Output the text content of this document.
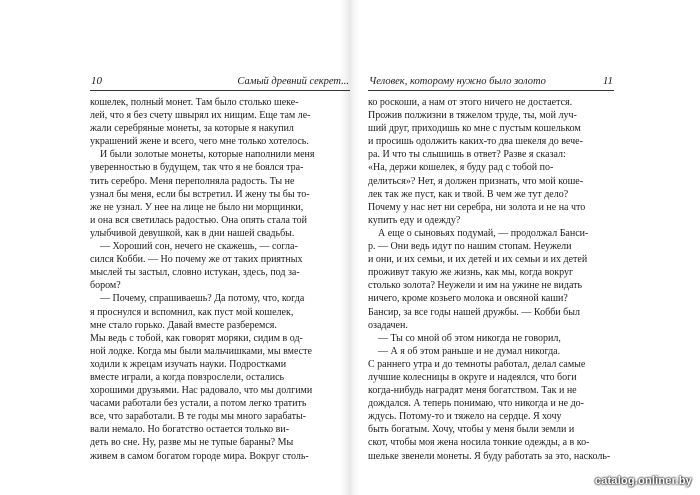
10	Самый древний секрет...
кошелек, полный монет. Там было столько шеке-
лей, что я без счету швырял их нищим. Еще там ле-
жали серебряные монеты, за которые я накупил
украшений жене и всего, чего мне только хотелось.
И были золотые монеты, которые наполнили меня
уверенностью в будущем, так что я не боялся тра-
тить серебро. Меня переполняла радость. Ты не
узнал бы меня, если бы встретил. И жену ты бы то-
же не узнал. У нее на лице не было ни морщинки,
и она вся светилась радостью. Она опять стала той
улыбчивой девушкой, как в дни нашей свадьбы.
— Хороший сон, нечего не скажешь, — согла-
сился Кобби. — Но почему же от таких приятных
мыслей ты застыл, словно истукан, здесь, под за-
бором?
— Почему, спрашиваешь? Да потому, что, когда
я проснулся и вспомнил, как пуст мой кошелек,
мне стало горько. Давай вместе разберемся.
Мы ведь с тобой, как говорят моряки, сидим в од-
ной лодке. Когда мы были мальчишками, мы вместе
ходили к жрецам изучать науки. Подростками
вместе играли, а когда повзрослели, остались
хорошими друзьями. Нас радовало, что мы долгими
часами работали без устали, а потом легко тратить
все, что заработали. В те годы мы много зарабаты-
вали немало. Но богатство остается только ви-
деть во сне. Ну, разве мы не тупые бараны? Мы
живем в самом богатом городе мира. Вокруг столь-
Человек, которому нужно было золото	11
ко роскоши, а нам от этого ничего не достается.
Прожив полжизни в тяжелом труде, ты, мой луч-
ший друг, приходишь ко мне с пустым кошельком
и просишь одолжить каких-то два шекеля до вече-
ра. И что ты слышишь в ответ? Разве я сказал:
«На, держи кошелек, я буду рад с тобой по-
делиться»? Нет, я должен признать, что мой коше-
лек так же пуст, как и твой. В чем же тут дело?
Почему у нас нет ни серебра, ни золота и не на что
купить еду и одежду?
А еще о сыновьях подумай, — продолжал Банси-
р. — Они ведь идут по нашим стопам. Неужели
и они, и их семьи, и их детей и их семьи и их детей
проживут такую же жизнь, как мы, когда вокруг
столько золота? Неужели и им на ужине не видать
ничего, кроме козьего молока и овсяной каши?
Бансир, за все годы нашей дружбы. — Кобби был
озадачен.
— Ты со мной об этом никогда не говорил,
— А я об этом раньше и не думал никогда.
С раннего утра и до темноты работал, делал самые
лучшие колесницы в округе и надеялся, что боги
когда-нибудь наградят меня богатством. Так и не
дождался. А теперь понимаю, что никогда и не до-
ждусь. Потому-то и тяжело на сердце. Я хочу
быть богатым. Хочу, чтобы у меня были земли и
скот, чтобы моя жена носила тонкие одежды, а в ко-
шельке звенели монеты. Я буду работать за это, насколь-
catalog.onliner.by
